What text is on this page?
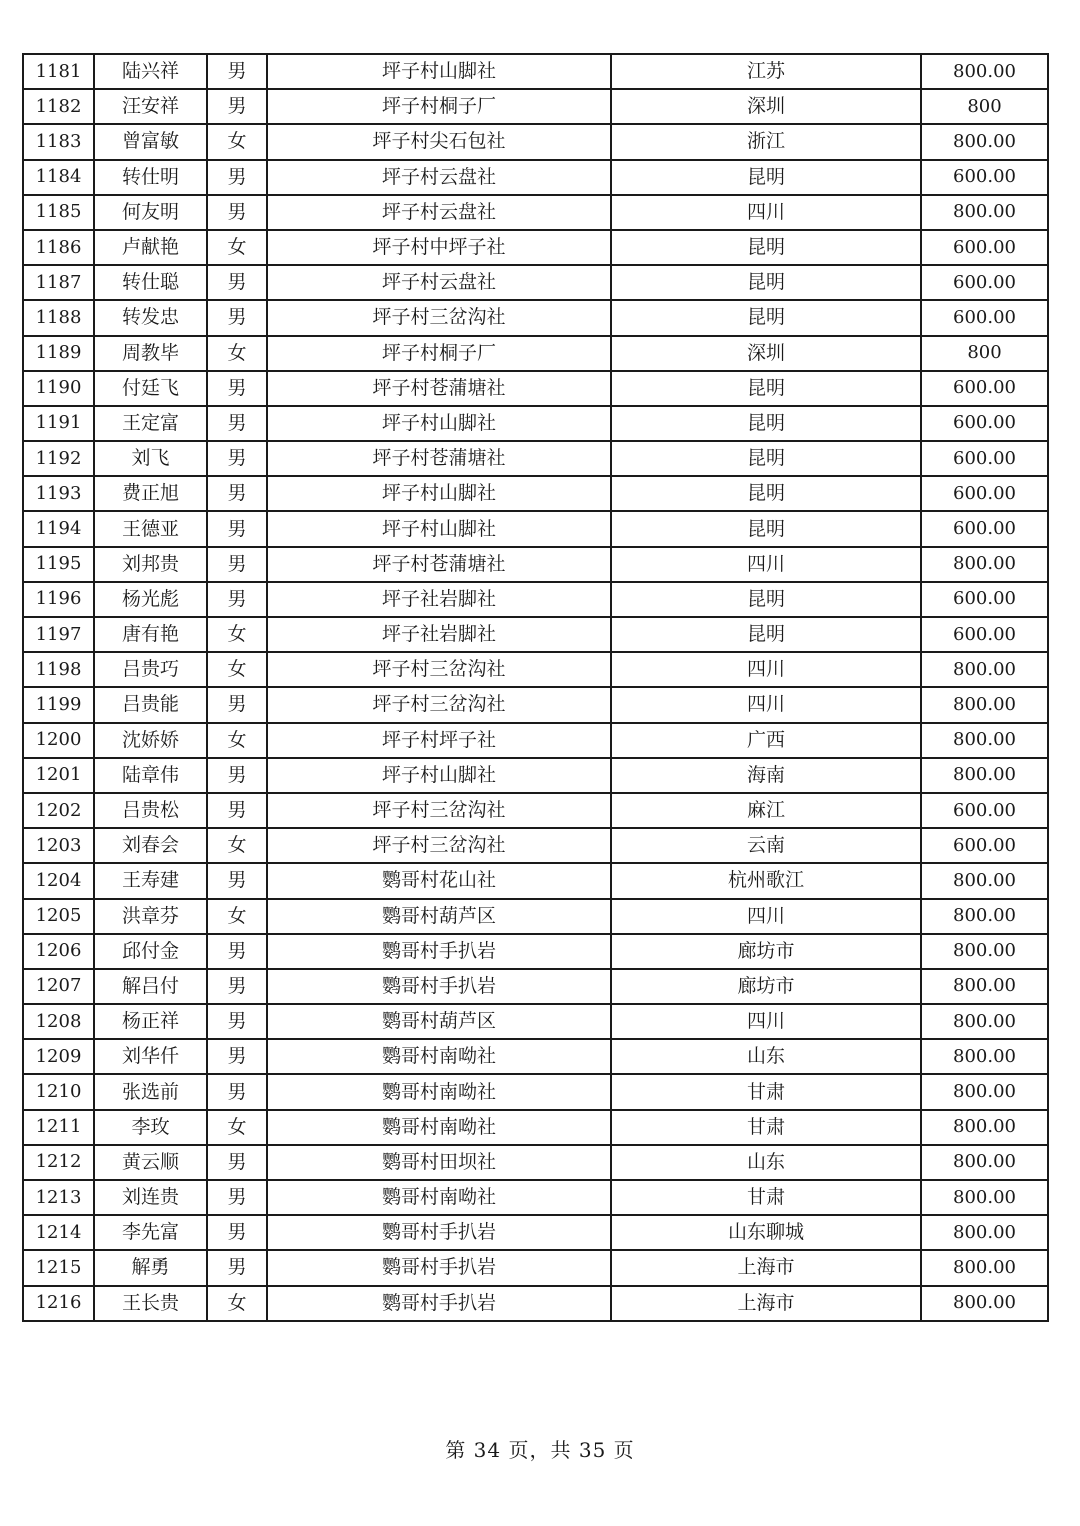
1181	陆兴祥	男	坪子村山脚社	江苏	800.00
1182	汪安祥	男	坪子村桐子厂	深圳	800
1183	曾富敏	女	坪子村尖石包社	浙江	800.00
1184	转仕明	男	坪子村云盘社	昆明	600.00
1185	何友明	男	坪子村云盘社	四川	800.00
1186	卢献艳	女	坪子村中坪子社	昆明	600.00
1187	转仕聪	男	坪子村云盘社	昆明	600.00
1188	转发忠	男	坪子村三岔沟社	昆明	600.00
1189	周教毕	女	坪子村桐子厂	深圳	800
1190	付廷飞	男	坪子村苍蒲塘社	昆明	600.00
1191	王定富	男	坪子村山脚社	昆明	600.00
1192	刘飞	男	坪子村苍蒲塘社	昆明	600.00
1193	费正旭	男	坪子村山脚社	昆明	600.00
1194	王德亚	男	坪子村山脚社	昆明	600.00
1195	刘邦贵	男	坪子村苍蒲塘社	四川	800.00
1196	杨光彪	男	坪子社岩脚社	昆明	600.00
1197	唐有艳	女	坪子社岩脚社	昆明	600.00
1198	吕贵巧	女	坪子村三岔沟社	四川	800.00
1199	吕贵能	男	坪子村三岔沟社	四川	800.00
1200	沈娇娇	女	坪子村坪子社	广西	800.00
1201	陆章伟	男	坪子村山脚社	海南	800.00
1202	吕贵松	男	坪子村三岔沟社	麻江	600.00
1203	刘春会	女	坪子村三岔沟社	云南	600.00
1204	王寿建	男	鹦哥村花山社	杭州歌江	800.00
1205	洪章芬	女	鹦哥村葫芦区	四川	800.00
1206	邱付金	男	鹦哥村手扒岩	廊坊市	800.00
1207	解吕付	男	鹦哥村手扒岩	廊坊市	800.00
1208	杨正祥	男	鹦哥村葫芦区	四川	800.00
1209	刘华仟	男	鹦哥村南呦社	山东	800.00
1210	张选前	男	鹦哥村南呦社	甘肃	800.00
1211	李玫	女	鹦哥村南呦社	甘肃	800.00
1212	黄云顺	男	鹦哥村田坝社	山东	800.00
1213	刘连贵	男	鹦哥村南呦社	甘肃	800.00
1214	李先富	男	鹦哥村手扒岩	山东聊城	800.00
1215	解勇	男	鹦哥村手扒岩	上海市	800.00
1216	王长贵	女	鹦哥村手扒岩	上海市	800.00
第 34 页，共 35 页
